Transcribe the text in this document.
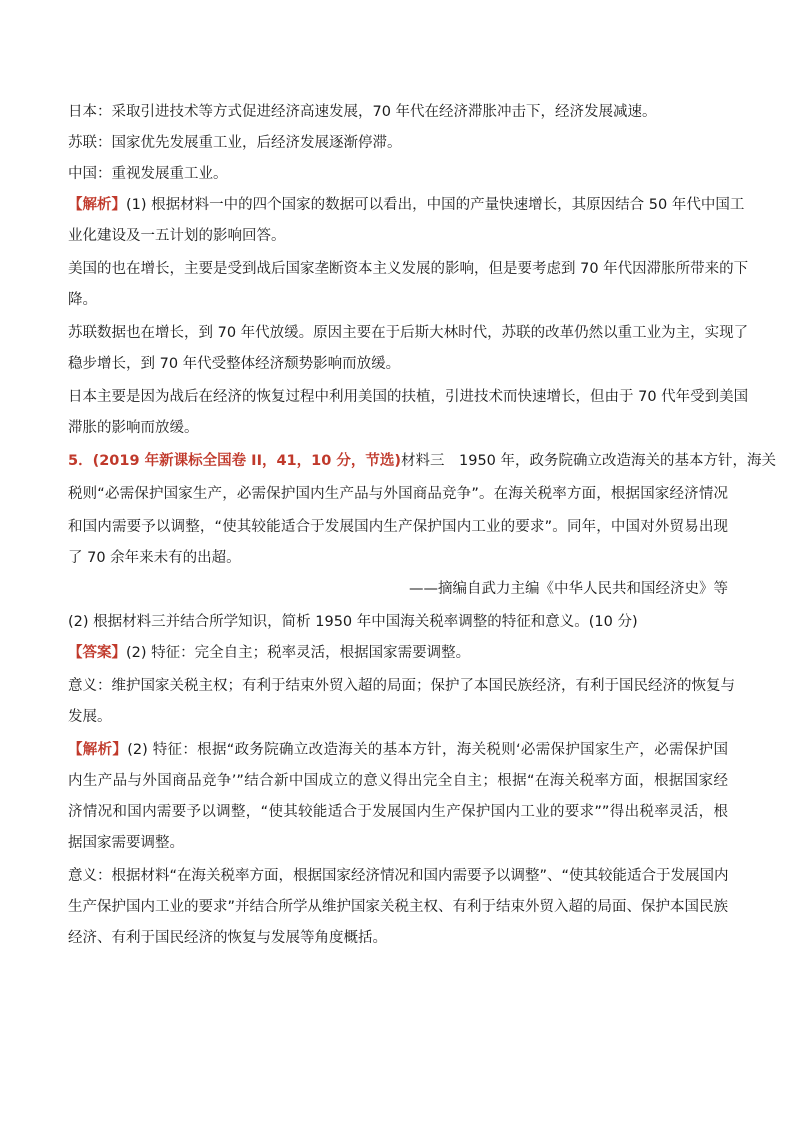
日本：采取引进技术等方式促进经济高速发展，70 年代在经济滞胀冲击下，经济发展减速。
苏联：国家优先发展重工业，后经济发展逐渐停滞。
中国：重视发展重工业。
【解析】(1) 根据材料一中的四个国家的数据可以看出，中国的产量快速增长，其原因结合 50 年代中国工
业化建设及一五计划的影响回答。
美国的也在增长，主要是受到战后国家垄断资本主义发展的影响，但是要考虑到 70 年代因滞胀所带来的下
降。
苏联数据也在增长，到 70 年代放缓。原因主要在于后斯大林时代，苏联的改革仍然以重工业为主，实现了
稳步增长，到 70 年代受整体经济颓势影响而放缓。
日本主要是因为战后在经济的恢复过程中利用美国的扶植，引进技术而快速增长，但由于 70 代年受到美国
滞胀的影响而放缓。
5．(2019 年新课标全国卷 II，41，10 分，节选)材料三　1950 年，政务院确立改造海关的基本方针，海关
税则“必需保护国家生产，必需保护国内生产品与外国商品竞争”。在海关税率方面，根据国家经济情况
和国内需要予以调整，“使其较能适合于发展国内生产保护国内工业的要求”。同年，中国对外贸易出现
了 70 余年来未有的出超。
——摘编自武力主编《中华人民共和国经济史》等
(2) 根据材料三并结合所学知识，简析 1950 年中国海关税率调整的特征和意义。(10 分)
【答案】(2) 特征：完全自主；税率灵活，根据国家需要调整。
意义：维护国家关税主权；有利于结束外贸入超的局面；保护了本国民族经济，有利于国民经济的恢复与
发展。
【解析】(2) 特征：根据“政务院确立改造海关的基本方针，海关税则‘必需保护国家生产，必需保护国
内生产品与外国商品竞争’”结合新中国成立的意义得出完全自主；根据“在海关税率方面，根据国家经
济情况和国内需要予以调整，“使其较能适合于发展国内生产保护国内工业的要求””得出税率灵活，根
据国家需要调整。
意义：根据材料“在海关税率方面，根据国家经济情况和国内需要予以调整”、“使其较能适合于发展国内
生产保护国内工业的要求”并结合所学从维护国家关税主权、有利于结束外贸入超的局面、保护本国民族
经济、有利于国民经济的恢复与发展等角度概括。
